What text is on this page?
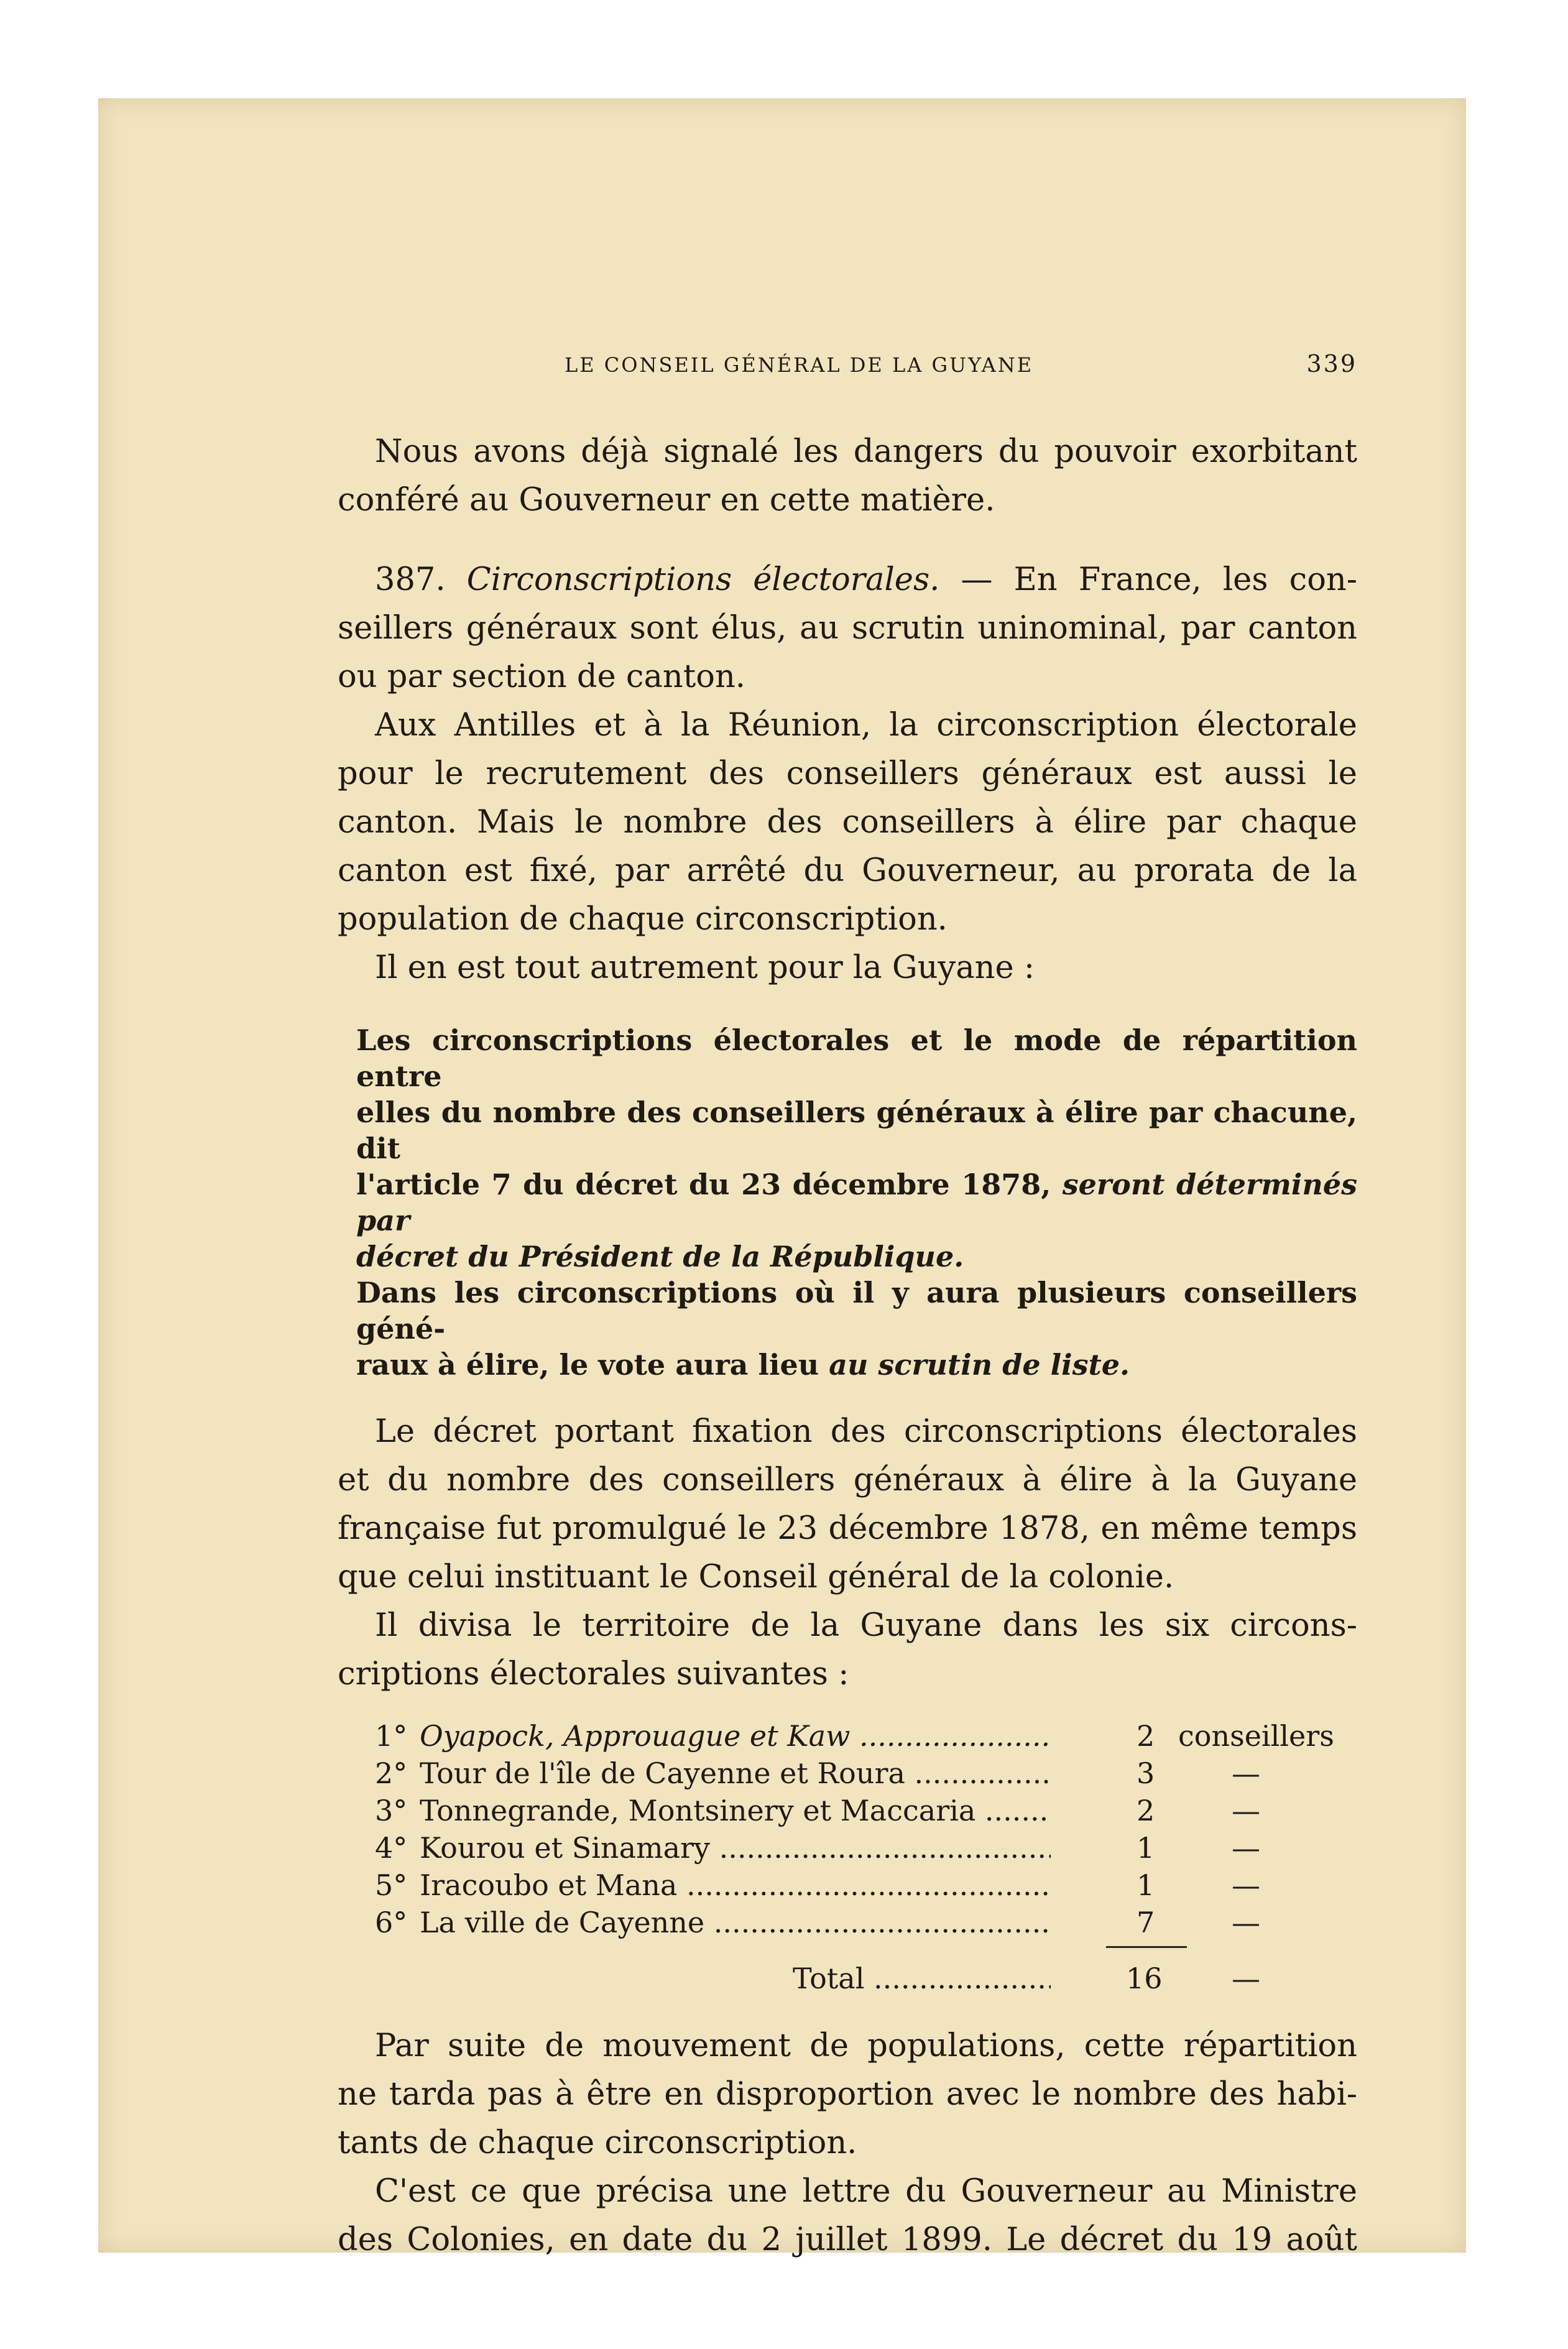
LE CONSEIL GÉNÉRAL DE LA GUYANE	339

Nous avons déjà signalé les dangers du pouvoir exorbitant

conféré au Gouverneur en cette matière.

387. Circonscriptions électorales. — En France, les con-

seillers généraux sont élus, au scrutin uninominal, par canton

ou par section de canton.

Aux Antilles et à la Réunion, la circonscription électorale

pour le recrutement des conseillers généraux est aussi le

canton. Mais le nombre des conseillers à élire par chaque

canton est fixé, par arrêté du Gouverneur, au prorata de la

population de chaque circonscription.

Il en est tout autrement pour la Guyane :

Les circonscriptions électorales et le mode de répartition entre

elles du nombre des conseillers généraux à élire par chacune, dit

l'article 7 du décret du 23 décembre 1878, seront déterminés par

décret du Président de la République.

Dans les circonscriptions où il y aura plusieurs conseillers géné-

raux à élire, le vote aura lieu au scrutin de liste.

Le décret portant fixation des circonscriptions électorales

et du nombre des conseillers généraux à élire à la Guyane

française fut promulgué le 23 décembre 1878, en même temps

que celui instituant le Conseil général de la colonie.

Il divisa le territoire de la Guyane dans les six circons-

criptions électorales suivantes :

1° Oyapock, Approuague et Kaw .....	2 conseillers
2° Tour de l'île de Cayenne et Roura .....	3	—
3° Tonnegrande, Montsinery et Maccaria .....	2	—
4° Kourou et Sinamary .....	1	—
5° Iracoubo et Mana .....	1	—
6° La ville de Cayenne .....	7	—
Total .....	16 —

Par suite de mouvement de populations, cette répartition

ne tarda pas à être en disproportion avec le nombre des habi-

tants de chaque circonscription.

C'est ce que précisa une lettre du Gouverneur au Ministre

des Colonies, en date du 2 juillet 1899. Le décret du 19 août
